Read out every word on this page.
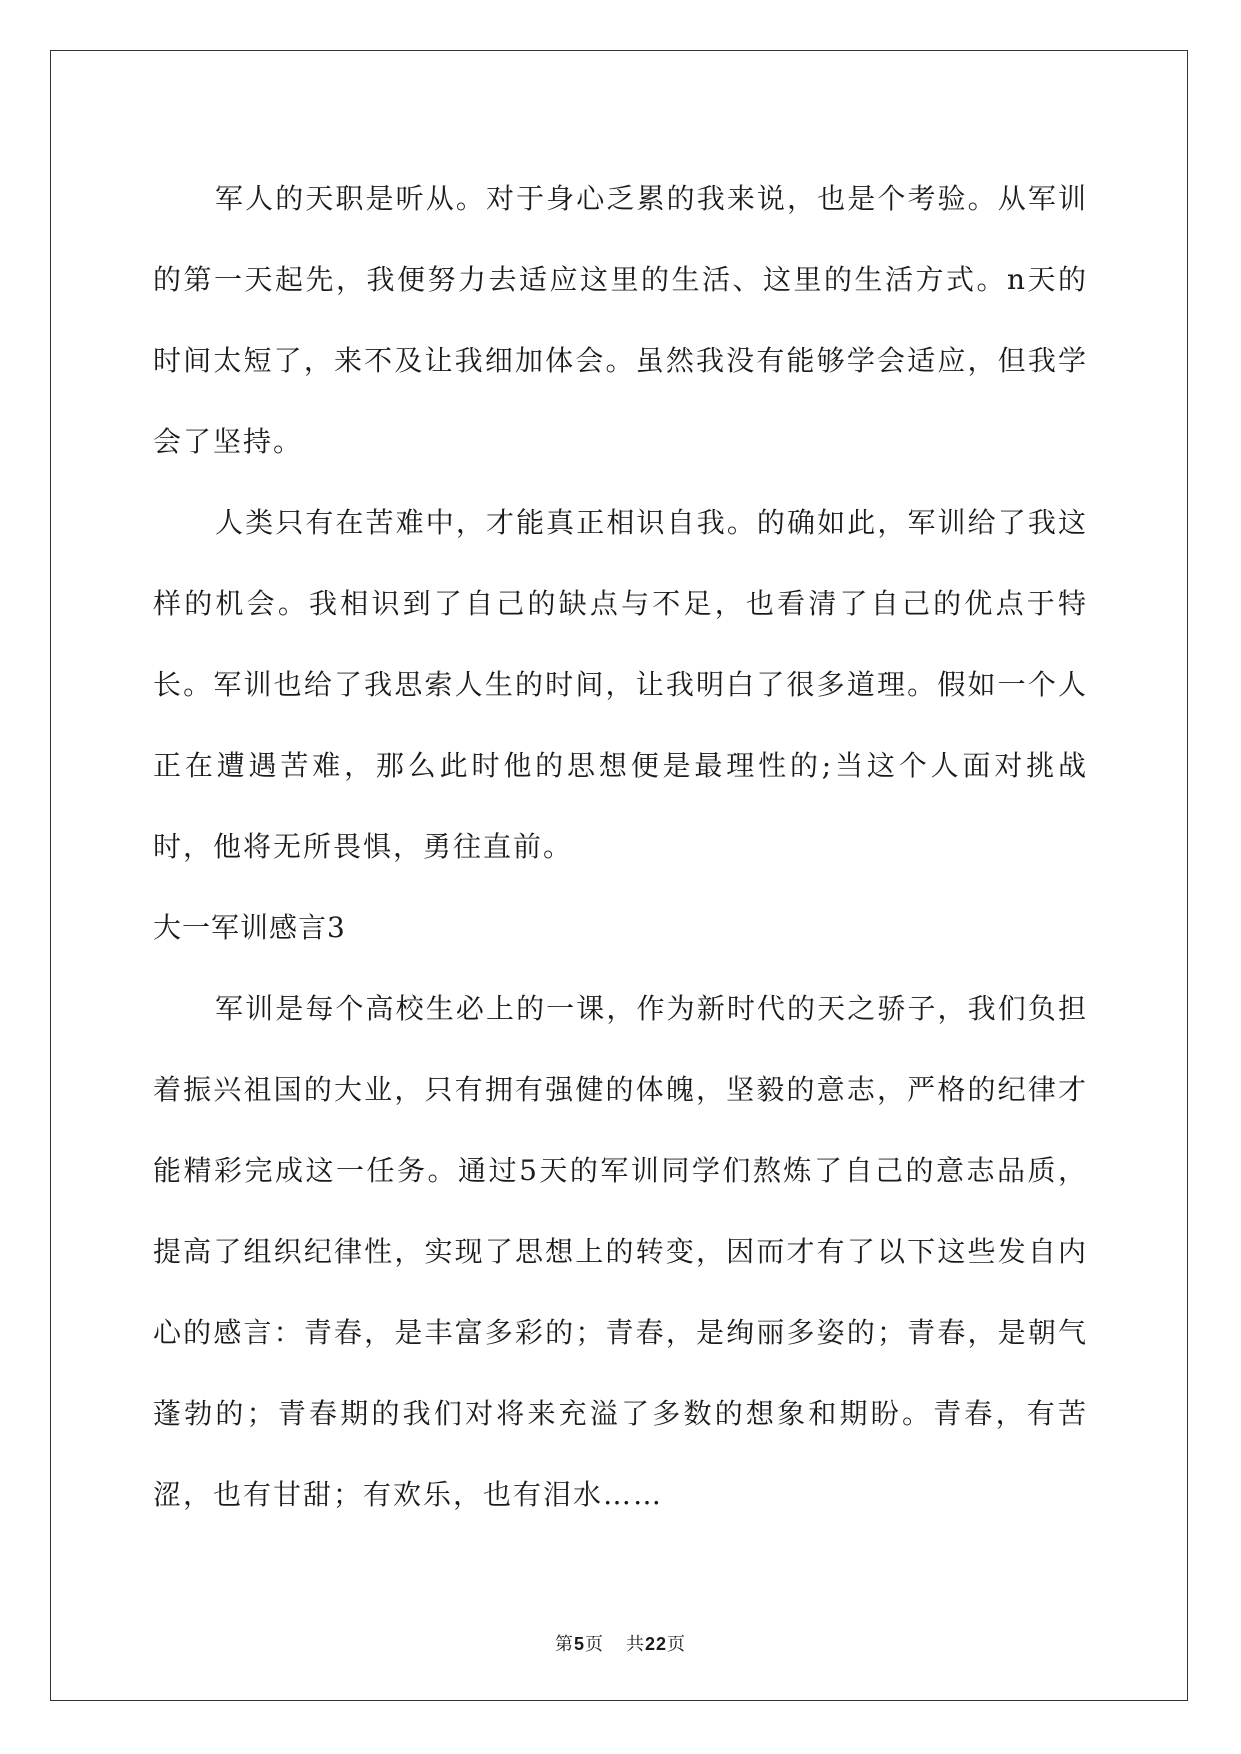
军人的天职是听从。对于身心乏累的我来说，也是个考验。从军训的第一天起先，我便努力去适应这里的生活、这里的生活方式。n天的时间太短了，来不及让我细加体会。虽然我没有能够学会适应，但我学会了坚持。

人类只有在苦难中，才能真正相识自我。的确如此，军训给了我这样的机会。我相识到了自己的缺点与不足，也看清了自己的优点于特长。军训也给了我思索人生的时间，让我明白了很多道理。假如一个人正在遭遇苦难，那么此时他的思想便是最理性的;当这个人面对挑战时，他将无所畏惧，勇往直前。

大一军训感言3

军训是每个高校生必上的一课，作为新时代的天之骄子，我们负担着振兴祖国的大业，只有拥有强健的体魄，坚毅的意志，严格的纪律才能精彩完成这一任务。通过5天的军训同学们熬炼了自己的意志品质，提高了组织纪律性，实现了思想上的转变，因而才有了以下这些发自内心的感言：青春，是丰富多彩的；青春，是绚丽多姿的；青春，是朝气蓬勃的；青春期的我们对将来充溢了多数的想象和期盼。青春，有苦涩，也有甘甜；有欢乐，也有泪水……

第5页 共22页
